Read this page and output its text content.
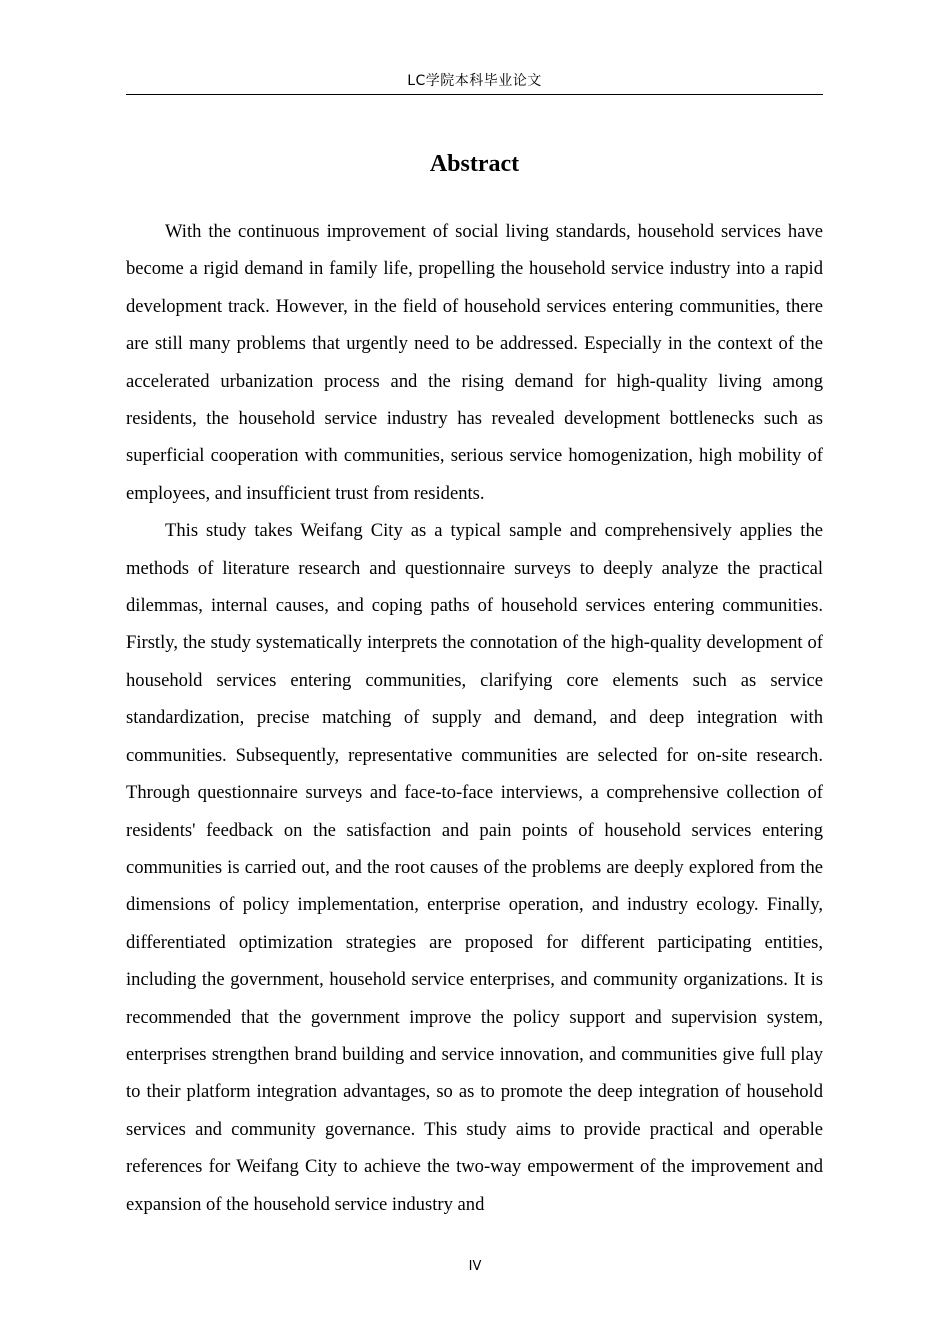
LC学院本科毕业论文
Abstract

With the continuous improvement of social living standards, household services have become a rigid demand in family life, propelling the household service industry into a rapid development track. However, in the field of household services entering communities, there are still many problems that urgently need to be addressed. Especially in the context of the accelerated urbanization process and the rising demand for high-quality living among residents, the household service industry has revealed development bottlenecks such as superficial cooperation with communities, serious service homogenization, high mobility of employees, and insufficient trust from residents.

This study takes Weifang City as a typical sample and comprehensively applies the methods of literature research and questionnaire surveys to deeply analyze the practical dilemmas, internal causes, and coping paths of household services entering communities. Firstly, the study systematically interprets the connotation of the high-quality development of household services entering communities, clarifying core elements such as service standardization, precise matching of supply and demand, and deep integration with communities. Subsequently, representative communities are selected for on-site research. Through questionnaire surveys and face-to-face interviews, a comprehensive collection of residents' feedback on the satisfaction and pain points of household services entering communities is carried out, and the root causes of the problems are deeply explored from the dimensions of policy implementation, enterprise operation, and industry ecology. Finally, differentiated optimization strategies are proposed for different participating entities, including the government, household service enterprises, and community organizations. It is recommended that the government improve the policy support and supervision system, enterprises strengthen brand building and service innovation, and communities give full play to their platform integration advantages, so as to promote the deep integration of household services and community governance. This study aims to provide practical and operable references for Weifang City to achieve the two-way empowerment of the improvement and expansion of the household service industry and

IV
